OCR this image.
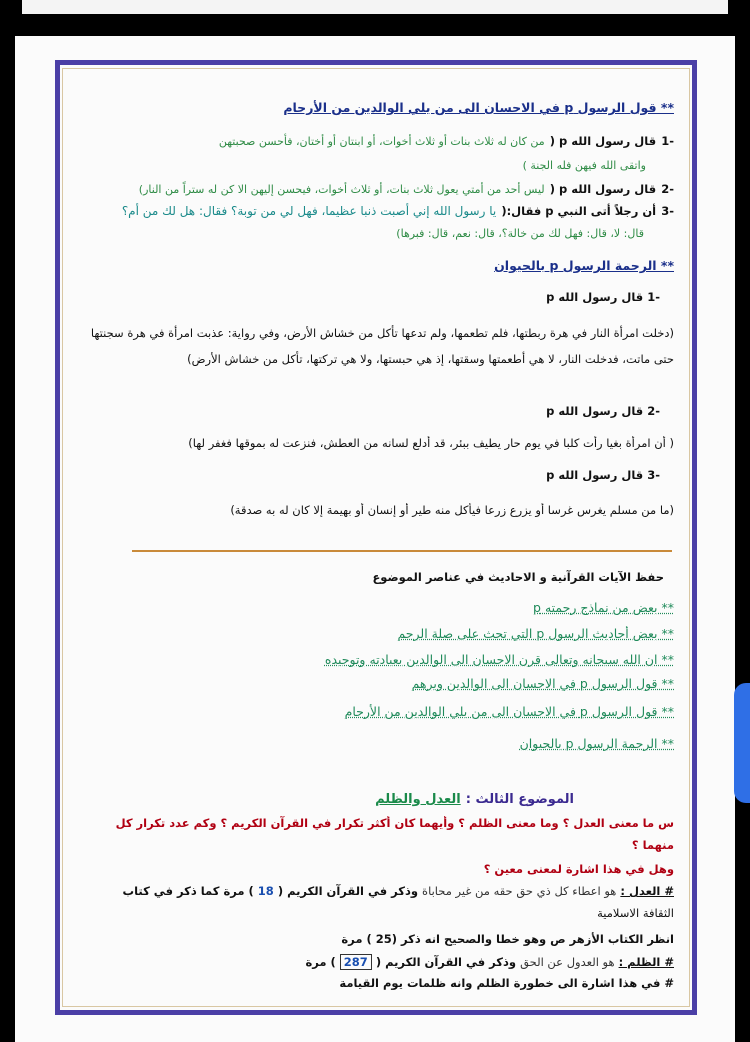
** قول الرسول p في الاحسان الى من يلي الوالدين من الأرحام
-1 قال رسول الله p ( من كان له ثلاث بنات أو ثلاث أخوات، أو ابنتان أو أختان، فأحسن صحبتهن
واتقى الله فيهن فله الجنة )
-2 قال رسول الله p ( ليس أحد من أمتي يعول ثلاث بنات، أو ثلاث أخوات، فيحسن إليهن الا كن له ستراً من النار)
-3 أن رجلاً أتى النبي p فقال:( يا رسول الله إني أصبت ذنبا عظيما، فهل لي من توبة؟ فقال: هل لك من أم؟
قال: لا، قال: فهل لك من خالة؟، قال: نعم، قال: فبرها)
** الرحمة الرسول p بالحيوان
-1 قال رسول الله p
(دخلت امرأة النار في هرة ربطتها، فلم تطعمها، ولم تدعها تأكل من خشاش الأرض، وفي رواية: عذبت امرأة في هرة سجنتها حتى ماتت، فدخلت النار، لا هي أطعمتها وسقتها، إذ هي حبستها، ولا هي تركتها، تأكل من خشاش الأرض)
-2 قال رسول الله p
( أن امرأة بغيا رأت كلبا في يوم حار يطيف ببئر، قد أدلع لسانه من العطش، فنزعت له بموقها فغفر لها)
-3 قال رسول الله p
(ما من مسلم يغرس غرسا أو يزرع زرعا فيأكل منه طير أو إنسان أو بهيمة إلا كان له به صدقة)
حفظ الآيات القرآنية و الاحاديث في عناصر الموضوع
** بعض من نماذج رحمته p
** بعض أحاديث الرسول p التي تحث على صلة الرحم
** ان الله سبحانه وتعالى قرن الاحسان الى الوالدين بعبادته وتوحيده
** قول الرسول p في الاحسان الى الوالدين وبرهم
** قول الرسول p في الاحسان الى من يلي الوالدين من الأرحام
** الرحمة الرسول p بالحيوان
الموضوع الثالث : العدل والظلم
س ما معنى العدل ؟ وما معنى الظلم ؟ وأيهما كان أكثر تكرار في القرآن الكريم ؟ وكم عدد تكرار كل
منهما ؟
وهل في هذا اشارة لمعنى معين ؟
# العدل : هو اعطاء كل ذي حق حقه من غير محاباة وذكر في القرآن الكريم ( 18 ) مرة كما ذكر في كتاب
الثقافة الاسلامية
انظر الكتاب الأزهر ص وهو خطا والصحيح انه ذكر (25 ) مرة
# الظلم : هو العدول عن الحق وذكر في القرآن الكريم ( 287 ) مرة
# في هذا اشارة الى خطورة الظلم وانه ظلمات يوم القيامة
